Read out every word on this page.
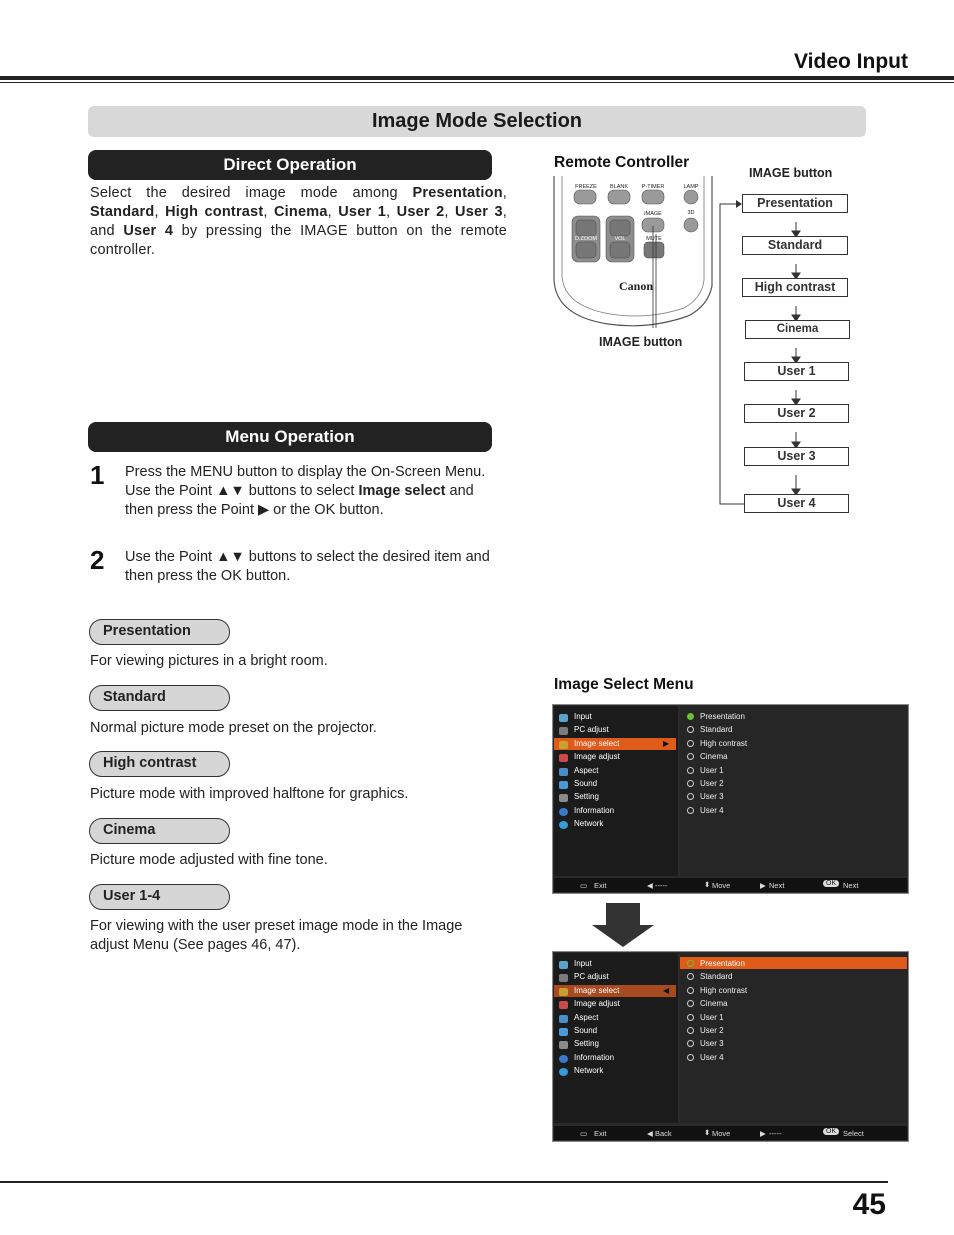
Video Input
Image Mode Selection
Direct Operation
Select the desired image mode among Presentation, Standard, High contrast, Cinema, User 1, User 2, User 3, and User 4 by pressing the IMAGE button on the remote controller.
Menu Operation
1 Press the MENU button to display the On-Screen Menu. Use the Point ▲▼ buttons to select Image select and then press the Point ▶ or the OK button.
2 Use the Point ▲▼ buttons to select the desired item and then press the OK button.
Presentation
For viewing pictures in a bright room.
Standard
Normal picture mode preset on the projector.
High contrast
Picture mode with improved halftone for graphics.
Cinema
Picture mode adjusted with fine tone.
User 1-4
For viewing with the user preset image mode in the Image adjust Menu (See pages 46, 47).
Remote Controller
FREEZE BLANK P-TIMER	LAMP
IMAGE	3D
D.ZOOM	VOL	MUTE
Canon
IMAGE button
IMAGE button
Presentation
Standard
High contrast
Cinema
User 1
User 2
User 3
User 4
Image Select Menu
▶
Input
PC adjust
Image select
Image adjust
Aspect
Sound
Setting
Information
Network
Presentation
Standard
High contrast
Cinema
User 1
User 2
User 3
User 4
▭ Exit	◀ -----	⬍ Move	▶ Next	OK Next
◀
Input
PC adjust
Image select
Image adjust
Aspect
Sound
Setting
Information
Network
Presentation
Standard
High contrast
Cinema
User 1
User 2
User 3
User 4
▭ Exit	◀ Back	⬍ Move	▶ -----	OK Select
45
